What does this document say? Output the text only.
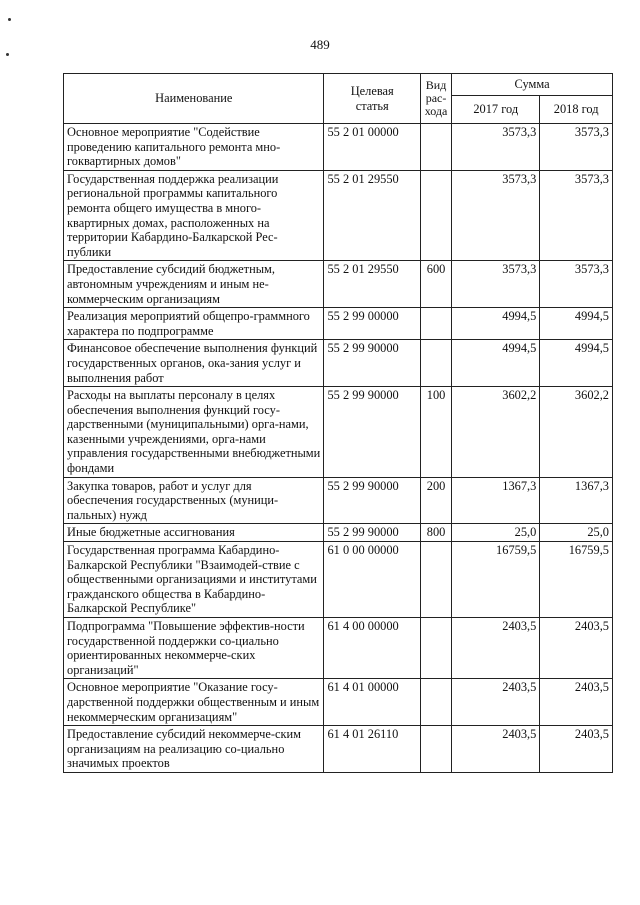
489
Наименование	Целевая статья	Вид рас-хода	Сумма	
			2017 год	2018 год
Основное мероприятие "Содействие проведению капитального ремонта мно-гоквартирных домов"	55 2 01 00000		3573,3	3573,3
Государственная поддержка реализации региональной программы капитального ремонта общего имущества в много-квартирных домах, расположенных на территории Кабардино-Балкарской Рес-публики	55 2 01 29550		3573,3	3573,3
Предоставление субсидий бюджетным, автономным учреждениям и иным не-коммерческим организациям	55 2 01 29550	600	3573,3	3573,3
Реализация мероприятий общепро-граммного характера по подпрограмме	55 2 99 00000		4994,5	4994,5
Финансовое обеспечение выполнения функций государственных органов, ока-зания услуг и выполнения работ	55 2 99 90000		4994,5	4994,5
Расходы на выплаты персоналу в целях обеспечения выполнения функций госу-дарственными (муниципальными) орга-нами, казенными учреждениями, орга-нами управления государственными внебюджетными фондами	55 2 99 90000	100	3602,2	3602,2
Закупка товаров, работ и услуг для обеспечения государственных (муници-пальных) нужд	55 2 99 90000	200	1367,3	1367,3
Иные бюджетные ассигнования	55 2 99 90000	800	25,0	25,0
Государственная программа Кабардино-Балкарской Республики "Взаимодей-ствие с общественными организациями и институтами гражданского общества в Кабардино-Балкарской Республике"	61 0 00 00000		16759,5	16759,5
Подпрограмма "Повышение эффектив-ности государственной поддержки со-циально ориентированных некоммерче-ских организаций"	61 4 00 00000		2403,5	2403,5
Основное мероприятие "Оказание госу-дарственной поддержки общественным и иным некоммерческим организациям"	61 4 01 00000		2403,5	2403,5
Предоставление субсидий некоммерче-ским организациям на реализацию со-циально значимых проектов	61 4 01 26110		2403,5	2403,5
